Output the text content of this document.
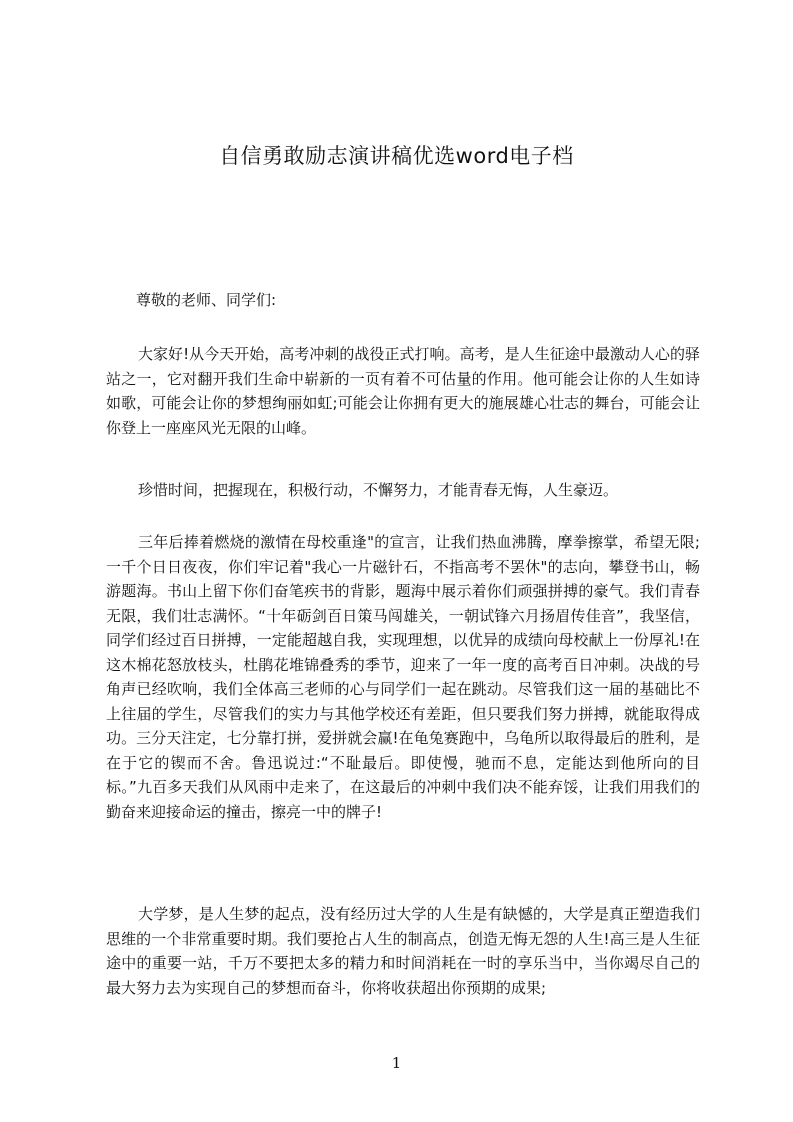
自信勇敢励志演讲稿优选word电子档

尊敬的老师、同学们:

大家好!从今天开始，高考冲刺的战役正式打响。高考，是人生征途中最激动人心的驿站之一，它对翻开我们生命中崭新的一页有着不可估量的作用。他可能会让你的人生如诗如歌，可能会让你的梦想绚丽如虹;可能会让你拥有更大的施展雄心壮志的舞台，可能会让你登上一座座风光无限的山峰。

珍惜时间，把握现在，积极行动，不懈努力，才能青春无悔，人生豪迈。

三年后捧着燃烧的激情在母校重逢"的宣言，让我们热血沸腾，摩拳擦掌，希望无限;一千个日日夜夜，你们牢记着"我心一片磁针石，不指高考不罢休"的志向，攀登书山，畅游题海。书山上留下你们奋笔疾书的背影，题海中展示着你们顽强拼搏的豪气。我们青春无限，我们壮志满怀。“十年砺剑百日策马闯雄关，一朝试锋六月扬眉传佳音”，我坚信，同学们经过百日拼搏，一定能超越自我，实现理想，以优异的成绩向母校献上一份厚礼!在这木棉花怒放枝头，杜鹃花堆锦叠秀的季节，迎来了一年一度的高考百日冲刺。决战的号角声已经吹响，我们全体高三老师的心与同学们一起在跳动。尽管我们这一届的基础比不上往届的学生，尽管我们的实力与其他学校还有差距，但只要我们努力拼搏，就能取得成功。三分天注定，七分靠打拼，爱拼就会赢!在龟兔赛跑中，乌龟所以取得最后的胜利，是在于它的锲而不舍。鲁迅说过:“不耻最后。即使慢，驰而不息，定能达到他所向的目标。”九百多天我们从风雨中走来了，在这最后的冲刺中我们决不能弃馁，让我们用我们的勤奋来迎接命运的撞击，擦亮一中的牌子!

大学梦，是人生梦的起点，没有经历过大学的人生是有缺憾的，大学是真正塑造我们思维的一个非常重要时期。我们要抢占人生的制高点，创造无悔无怨的人生!高三是人生征途中的重要一站，千万不要把太多的精力和时间消耗在一时的享乐当中，当你竭尽自己的最大努力去为实现自己的梦想而奋斗，你将收获超出你预期的成果;

1
